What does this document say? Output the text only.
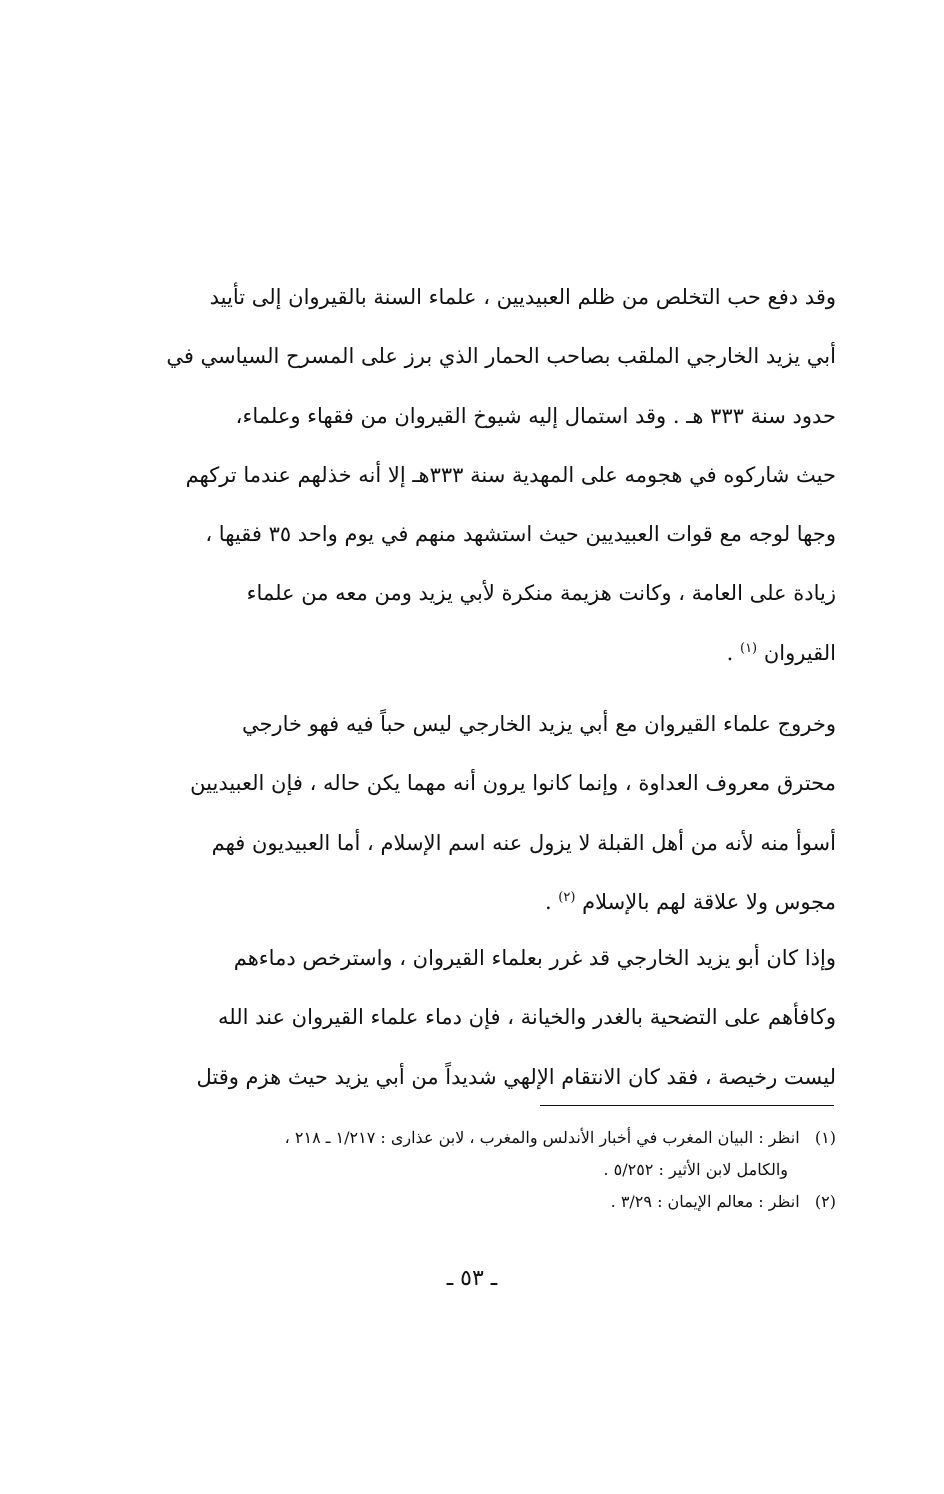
وقد دفع حب التخلص من ظلم العبيديين ، علماء السنة بالقيروان إلى تأييد
أبي يزيد الخارجي الملقب بصاحب الحمار الذي برز على المسرح السياسي في
حدود سنة ٣٣٣ هـ . وقد استمال إليه شيوخ القيروان من فقهاء وعلماء،
حيث شاركوه في هجومه على المهدية سنة ٣٣٣هـ إلا أنه خذلهم عندما تركهم
وجها لوجه مع قوات العبيديين حيث استشهد منهم في يوم واحد ٣٥ فقيها ،
زيادة على العامة ، وكانت هزيمة منكرة لأبي يزيد ومن معه من علماء
القيروان $^{(١)}$ .
وخروج علماء القيروان مع أبي يزيد الخارجي ليس حباً فيه فهو خارجي
محترق معروف العداوة ، وإنما كانوا يرون أنه مهما يكن حاله ، فإن العبيديين
أسوأ منه لأنه من أهل القبلة لا يزول عنه اسم الإسلام ، أما العبيديون فهم
مجوس ولا علاقة لهم بالإسلام $^{(٢)}$ .
وإذا كان أبو يزيد الخارجي قد غرر بعلماء القيروان ، واسترخص دماءهم
وكافأهم على التضحية بالغدر والخيانة ، فإن دماء علماء القيروان عند الله
ليست رخيصة ، فقد كان الانتقام الإلهي شديداً من أبي يزيد حيث هزم وقتل
(١)   انظر : البيان المغرب في أخبار الأندلس والمغرب ، لابن عذارى : ١/٢١٧ ـ ٢١٨ ،
والكامل لابن الأثير : ٥/٢٥٢ .
(٢)   انظر : معالم الإيمان : ٣/٢٩ .
ـ ٥٣ ـ
